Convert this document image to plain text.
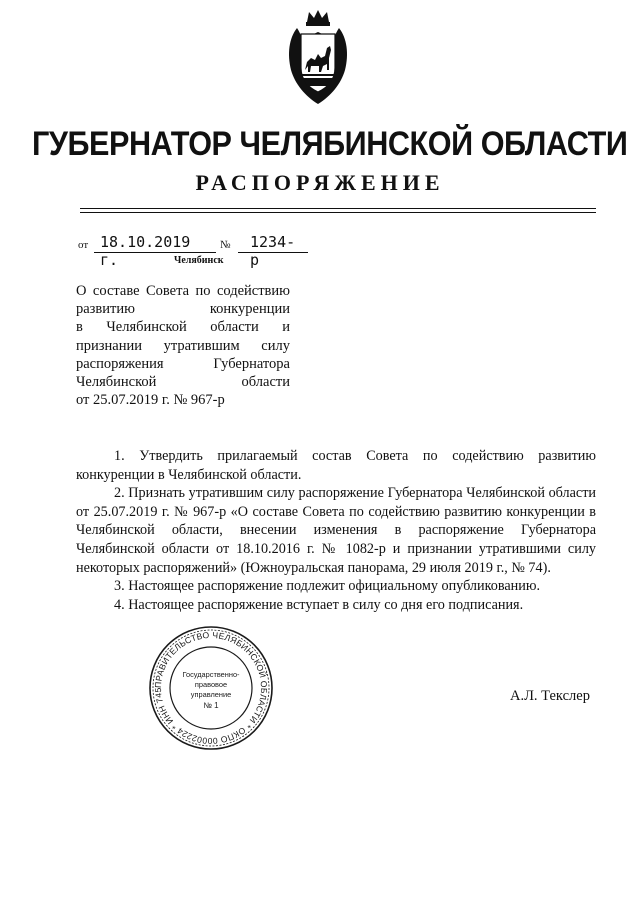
ГУБЕРНАТОР ЧЕЛЯБИНСКОЙ ОБЛАСТИ
РАСПОРЯЖЕНИЕ
от 18.10.2019 г.
№ 1234-р
Челябинск
О составе Совета по содействию
развитию конкуренции
в Челябинской области и
признании утратившим силу
распоряжения Губернатора
Челябинской области
от 25.07.2019 г. № 967-р
1. Утвердить прилагаемый состав Совета по содействию развитию конкуренции в Челябинской области.
2. Признать утратившим силу распоряжение Губернатора Челябинской области от 25.07.2019 г. № 967-р «О составе Совета по содействию развитию конкуренции в Челябинской области, внесении изменения в распоряжение Губернатора Челябинской области от 18.10.2016 г. № 1082-р и признании утратившими силу некоторых распоряжений» (Южноуральская панорама, 29 июля 2019 г., № 74).
3. Настоящее распоряжение подлежит официальному опубликованию.
4. Настоящее распоряжение вступает в силу со дня его подписания.
ПРАВИТЕЛЬСТВО ЧЕЛЯБИНСКОЙ ОБЛАСТИ * ОКПО 00002224 * ИНН 745
Государственно-
правовое
управление
№ 1
А.Л. Текслер
